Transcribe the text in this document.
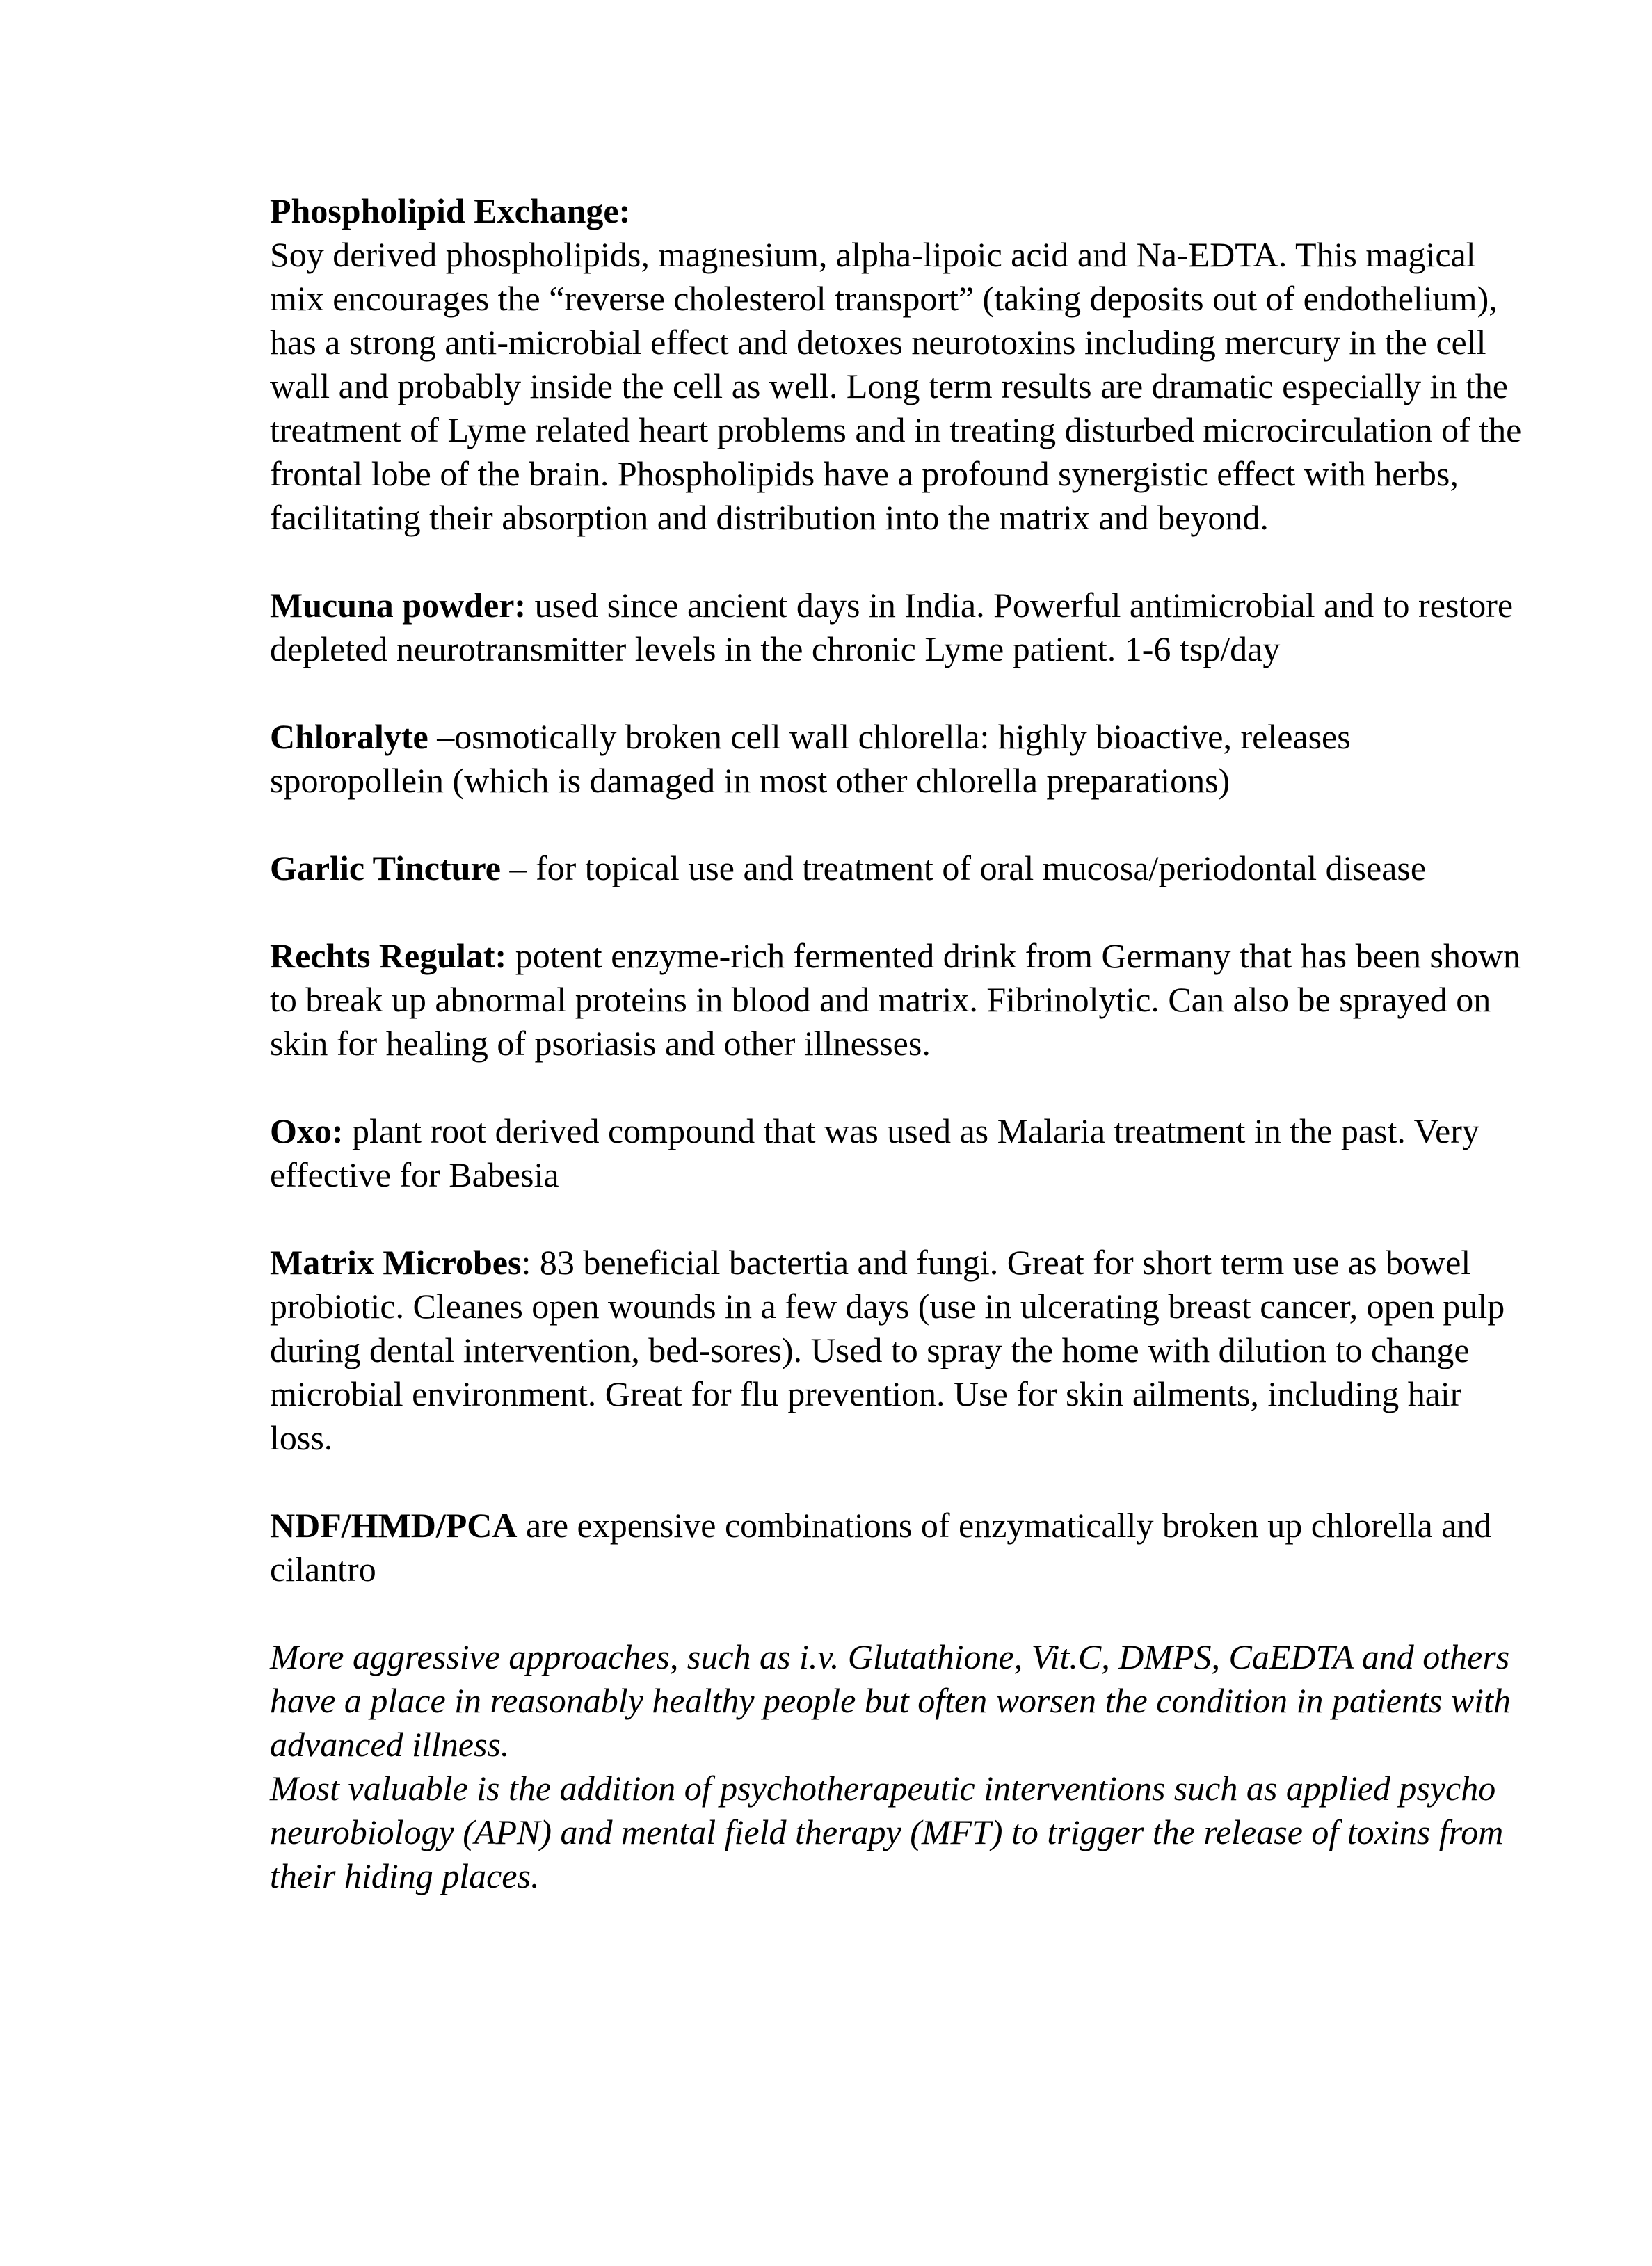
Phospholipid Exchange:
Soy derived phospholipids, magnesium, alpha-lipoic acid and Na-EDTA. This magical mix encourages the “reverse cholesterol transport” (taking deposits out of endothelium), has a strong anti-microbial effect and detoxes neurotoxins including mercury in the cell wall and probably inside the cell as well. Long term results are dramatic especially in the treatment of Lyme related heart problems and in treating disturbed microcirculation of the frontal lobe of the brain. Phospholipids have a profound synergistic effect with herbs, facilitating their absorption and distribution into the matrix and beyond.

Mucuna powder: used since ancient days in India. Powerful antimicrobial and to restore depleted neurotransmitter levels in the chronic Lyme patient. 1-6 tsp/day

Chloralyte –osmotically broken cell wall chlorella: highly bioactive, releases sporopollein (which is damaged in most other chlorella preparations)

Garlic Tincture – for topical use and treatment of oral mucosa/periodontal disease

Rechts Regulat: potent enzyme-rich fermented drink from Germany that has been shown to break up abnormal proteins in blood and matrix. Fibrinolytic. Can also be sprayed on skin for healing of psoriasis and other illnesses.

Oxo: plant root derived compound that was used as Malaria treatment in the past. Very effective for Babesia

Matrix Microbes: 83 beneficial bactertia and fungi. Great for short term use as bowel probiotic. Cleanes open wounds in a few days (use in ulcerating breast cancer, open pulp during dental intervention, bed-sores). Used to spray the home with dilution to change microbial environment. Great for flu prevention. Use for skin ailments, including hair loss.

NDF/HMD/PCA are expensive combinations of enzymatically broken up chlorella and cilantro

More aggressive approaches, such as i.v. Glutathione, Vit.C, DMPS, CaEDTA and others have a place in reasonably healthy people but often worsen the condition in patients with advanced illness.

Most valuable is the addition of psychotherapeutic interventions such as applied psycho neurobiology (APN) and mental field therapy (MFT) to trigger the release of toxins from their hiding places.
